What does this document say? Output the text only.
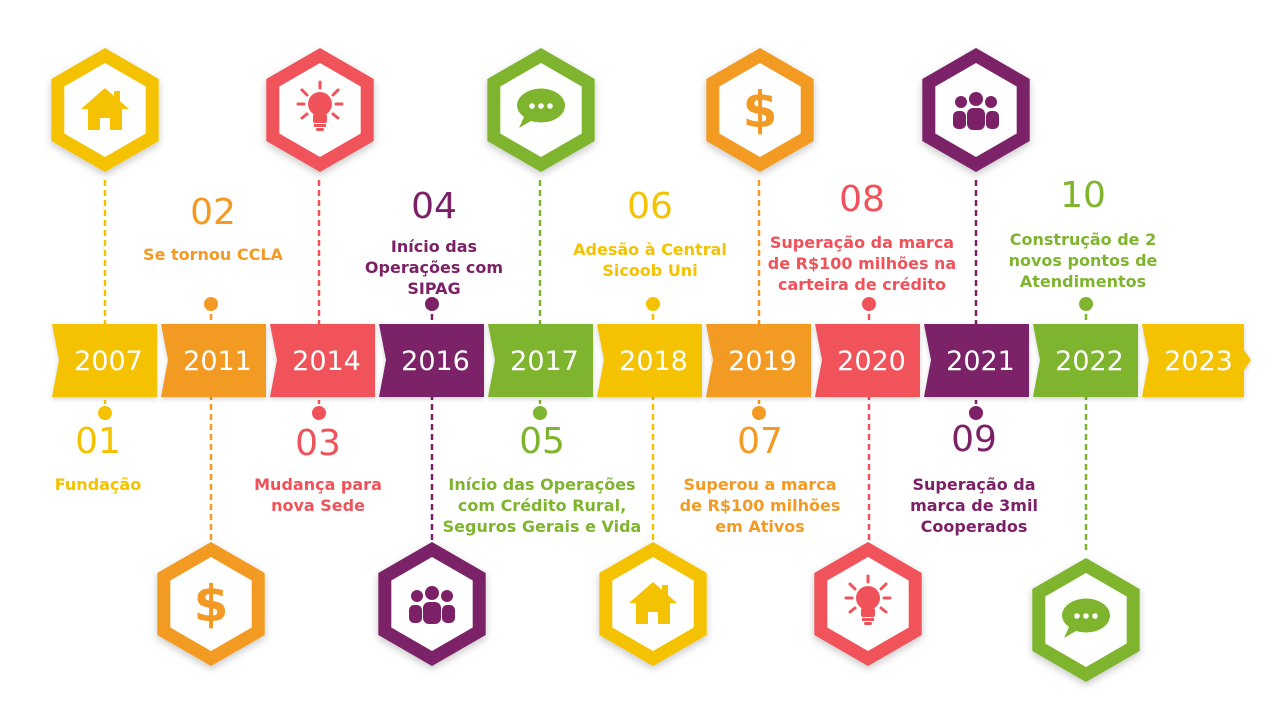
2007 2011 2014 2016 2017 2018 2019 2020 2021 2022 2023
$
$
01
Fundação
02
Se tornou CCLA
03
Mudança para
nova Sede
04
Início das
Operações com
SIPAG
05
Início das Operações
com Crédito Rural,
Seguros Gerais e Vida
06
Adesão à Central
Sicoob Uni
07
Superou a marca
de R$100 milhões
em Ativos
08
Superação da marca
de R$100 milhões na
carteira de crédito
09
Superação da
marca de 3mil
Cooperados
10
Construção de 2
novos pontos de
Atendimentos
